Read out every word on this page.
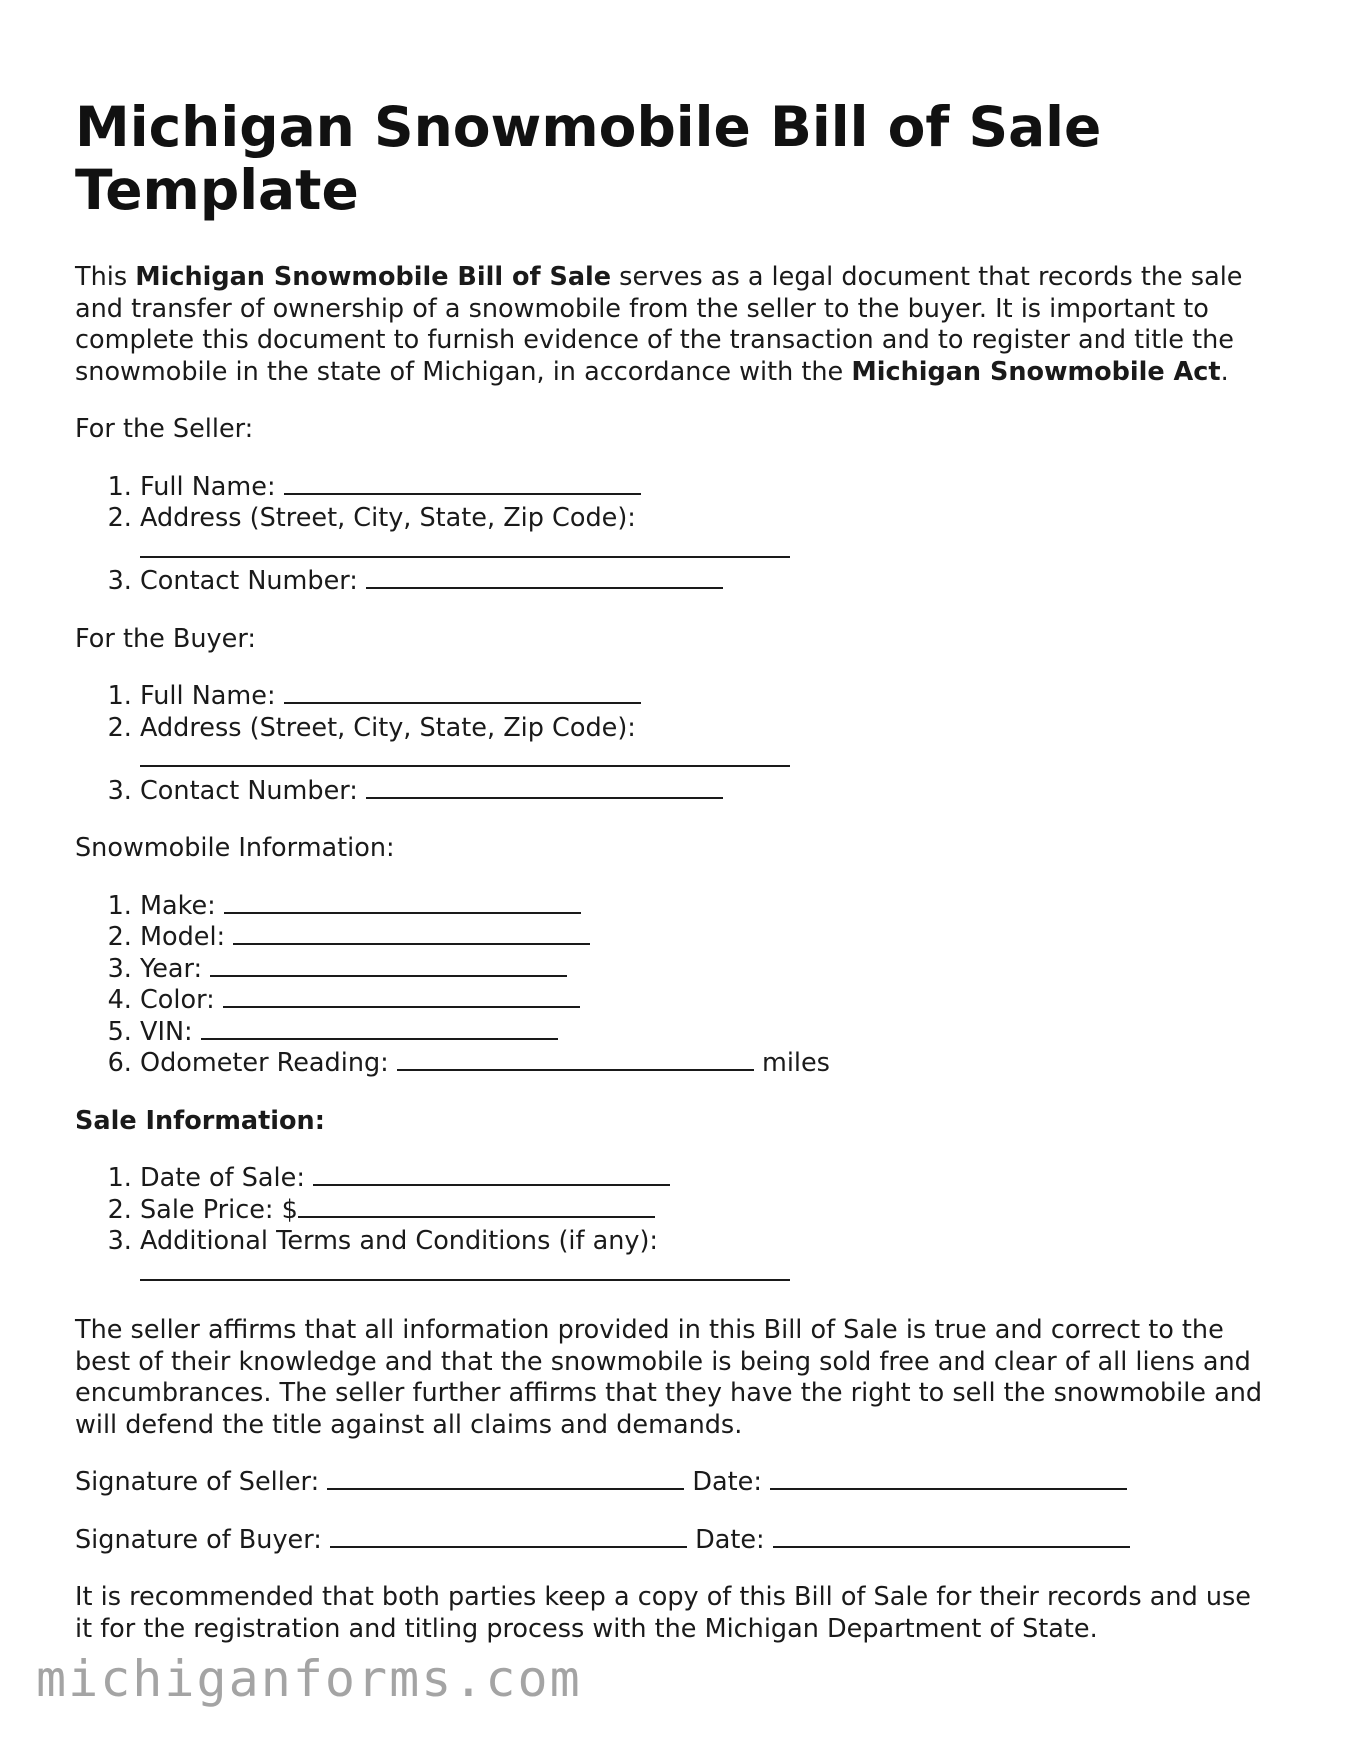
Michigan Snowmobile Bill of Sale Template

This Michigan Snowmobile Bill of Sale serves as a legal document that records the sale and transfer of ownership of a snowmobile from the seller to the buyer. It is important to complete this document to furnish evidence of the transaction and to register and title the snowmobile in the state of Michigan, in accordance with the Michigan Snowmobile Act.

For the Seller:

1. Full Name:
2. Address (Street, City, State, Zip Code):
3. Contact Number:

For the Buyer:

1. Full Name:
2. Address (Street, City, State, Zip Code):
3. Contact Number:

Snowmobile Information:

1. Make:
2. Model:
3. Year:
4. Color:
5. VIN:
6. Odometer Reading:	miles

Sale Information:

1. Date of Sale:
2. Sale Price: $
3. Additional Terms and Conditions (if any):

The seller affirms that all information provided in this Bill of Sale is true and correct to the best of their knowledge and that the snowmobile is being sold free and clear of all liens and encumbrances. The seller further affirms that they have the right to sell the snowmobile and will defend the title against all claims and demands.

Signature of Seller:	Date:
Signature of Buyer:	Date:

It is recommended that both parties keep a copy of this Bill of Sale for their records and use it for the registration and titling process with the Michigan Department of State.

michiganforms.com
